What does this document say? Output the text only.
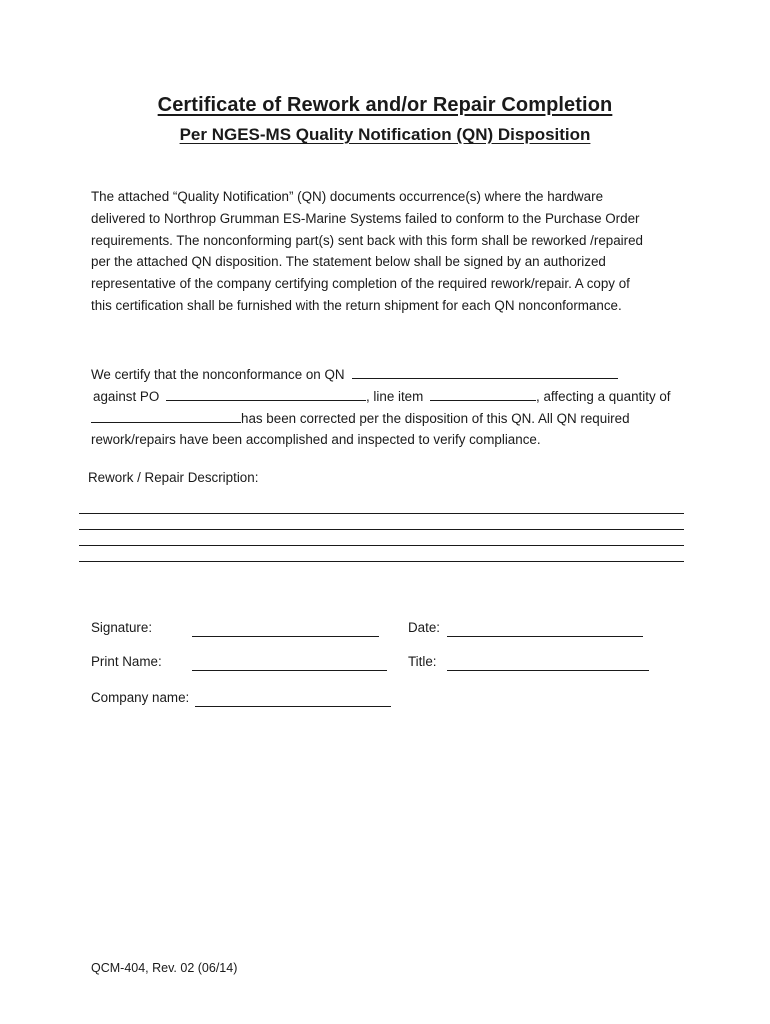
Certificate of Rework and/or Repair Completion
Per NGES-MS Quality Notification (QN) Disposition

The attached “Quality Notification” (QN) documents occurrence(s) where the hardware

delivered to Northrop Grumman ES-Marine Systems failed to conform to the Purchase Order

requirements. The nonconforming part(s) sent back with this form shall be reworked /repaired

per the attached QN disposition. The statement below shall be signed by an authorized

representative of the company certifying completion of the required rework/repair. A copy of

this certification shall be furnished with the return shipment for each QN nonconformance.

We certify that the nonconformance on QN
against PO	, line item	, affecting a quantity of
has been corrected per the disposition of this QN. All QN required
rework/repairs have been accomplished and inspected to verify compliance.
Rework / Repair Description:
Signature:	Date:
Print Name:	Title:
Company name:
QCM-404, Rev. 02 (06/14)
